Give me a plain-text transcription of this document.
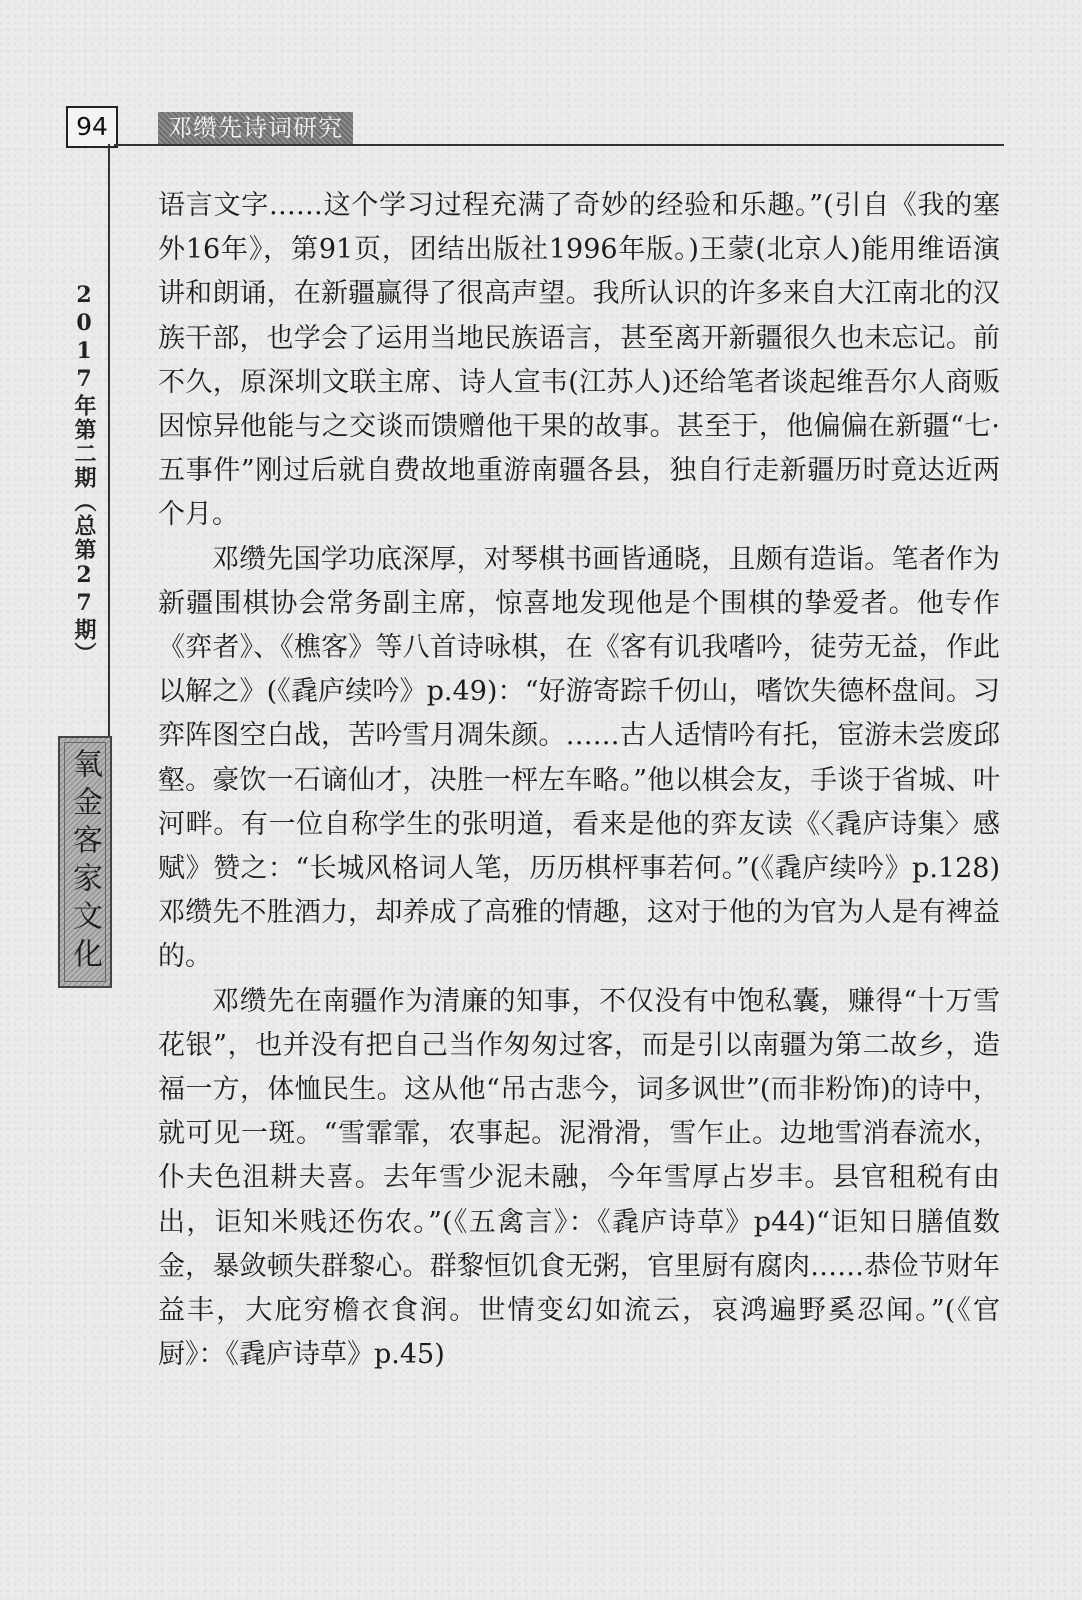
94	邓缵先诗词研究
2017年第二期（总第27期）
氧金客家文化

语言文字……这个学习过程充满了奇妙的经验和乐趣。”(引自《我的塞外16年》，第91页，团结出版社1996年版。)王蒙(北京人)能用维语演讲和朗诵，在新疆赢得了很高声望。我所认识的许多来自大江南北的汉族干部，也学会了运用当地民族语言，甚至离开新疆很久也未忘记。前不久，原深圳文联主席、诗人宣韦(江苏人)还给笔者谈起维吾尔人商贩因惊异他能与之交谈而馈赠他干果的故事。甚至于，他偏偏在新疆“七·五事件”刚过后就自费故地重游南疆各县，独自行走新疆历时竟达近两个月。

邓缵先国学功底深厚，对琴棋书画皆通晓，且颇有造诣。笔者作为新疆围棋协会常务副主席，惊喜地发现他是个围棋的挚爱者。他专作《弈者》、《樵客》等八首诗咏棋，在《客有讥我嗜吟，徒劳无益，作此以解之》(《毳庐续吟》p.49)：“好游寄踪千仞山，嗜饮失德杯盘间。习弈阵图空白战，苦吟雪月凋朱颜。……古人适情吟有托，宦游未尝废邱壑。豪饮一石谪仙才，决胜一枰左车略。”他以棋会友，手谈于省城、叶河畔。有一位自称学生的张明道，看来是他的弈友读《〈毳庐诗集〉感赋》赞之：“长城风格词人笔，历历棋枰事若何。”(《毳庐续吟》p.128)邓缵先不胜酒力，却养成了高雅的情趣，这对于他的为官为人是有裨益的。

邓缵先在南疆作为清廉的知事，不仅没有中饱私囊，赚得“十万雪花银”，也并没有把自己当作匆匆过客，而是引以南疆为第二故乡，造福一方，体恤民生。这从他“吊古悲今，词多讽世”(而非粉饰)的诗中，就可见一斑。“雪霏霏，农事起。泥滑滑，雪乍止。边地雪消春流水，仆夫色沮耕夫喜。去年雪少泥未融，今年雪厚占岁丰。县官租税有由出，讵知米贱还伤农。”(《五禽言》：《毳庐诗草》p44)“讵知日膳值数金，暴敛顿失群黎心。群黎恒饥食无粥，官里厨有腐肉……恭俭节财年益丰，大庇穷檐衣食润。世情变幻如流云，哀鸿遍野奚忍闻。”(《官厨》：《毳庐诗草》p.45)
